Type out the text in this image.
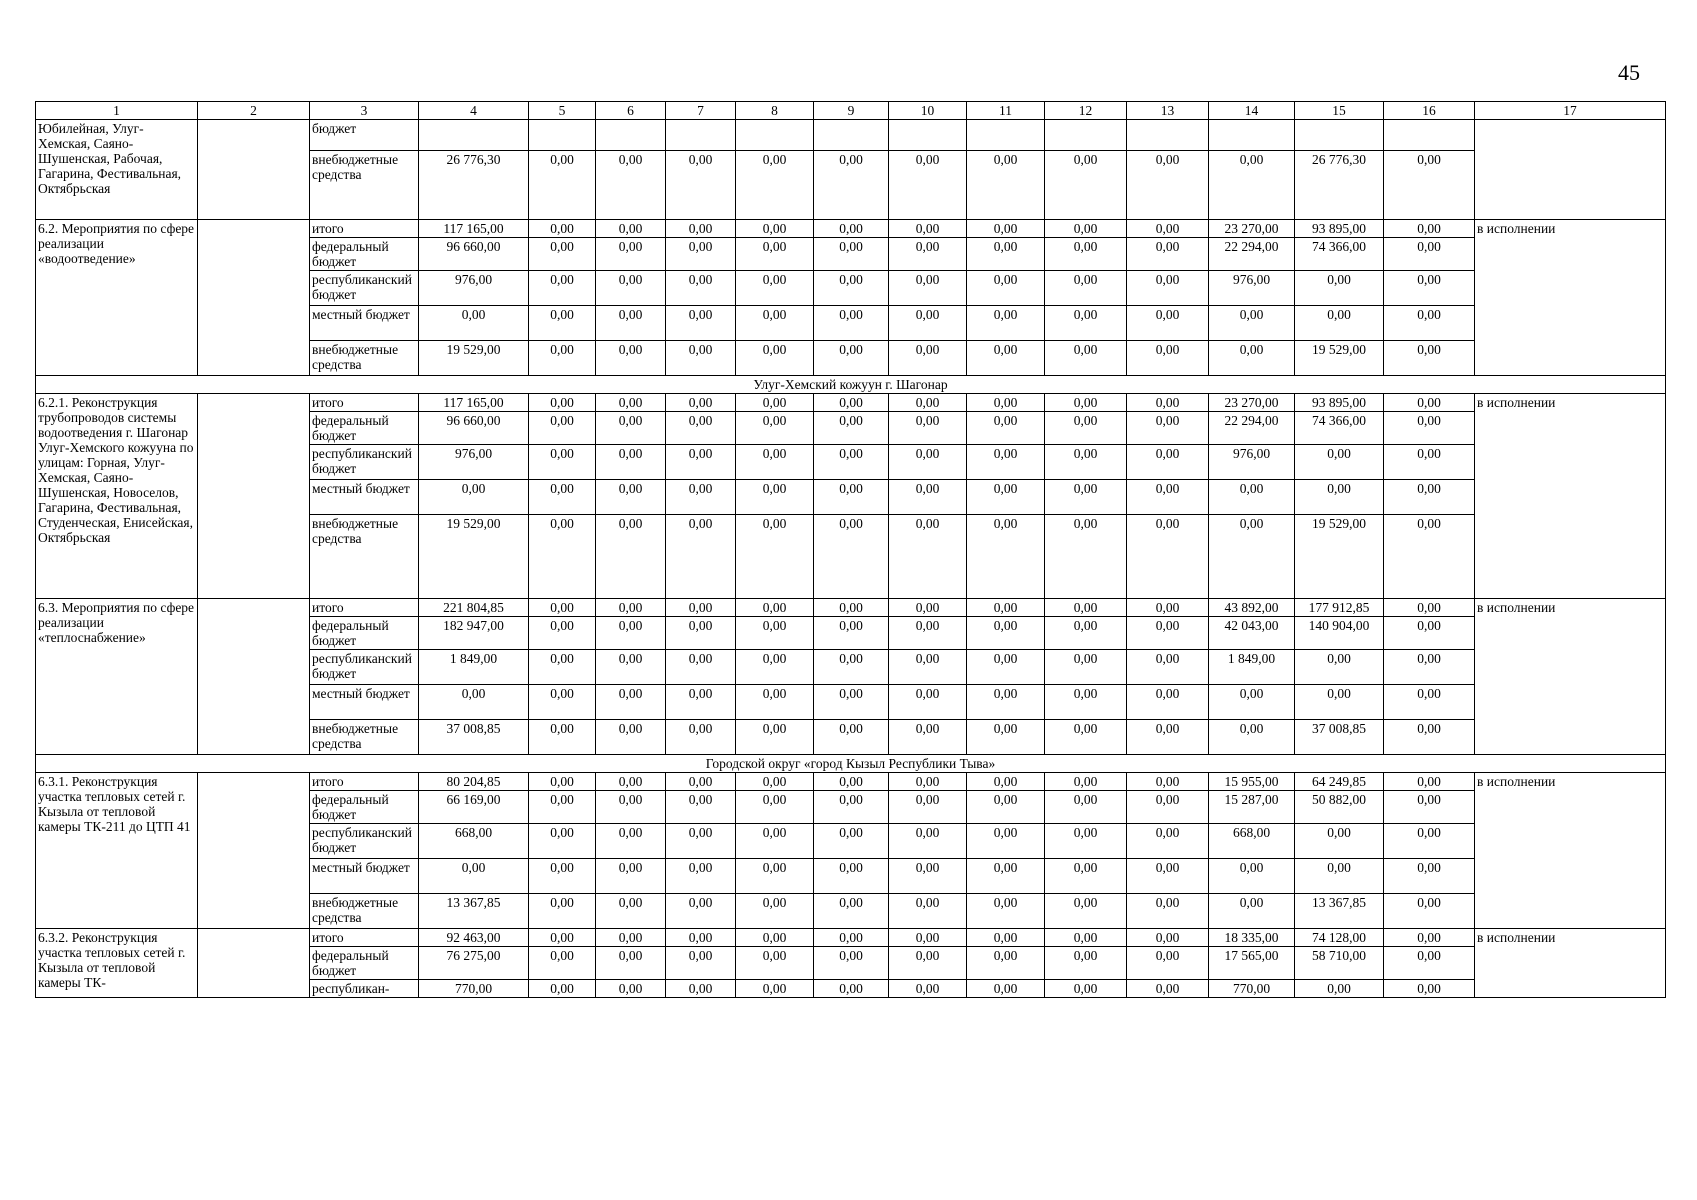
45
1	2	3	4	5	6	7	8	9	10	11	12	13	14	15	16	17
Юбилейная, Улуг-Хемская, Саяно-Шушенская, Рабочая, Гагарина, Фестивальная, Октябрьская		бюджет														
		внебюджетные средства	26 776,30	0,00	0,00	0,00	0,00	0,00	0,00	0,00	0,00	0,00	0,00	26 776,30	0,00	
6.2. Мероприятия по сфере реализации «водоотведение»		итого	117 165,00	0,00	0,00	0,00	0,00	0,00	0,00	0,00	0,00	0,00	23 270,00	93 895,00	0,00	в исполнении
		федеральный бюджет	96 660,00	0,00	0,00	0,00	0,00	0,00	0,00	0,00	0,00	0,00	22 294,00	74 366,00	0,00	
		республиканский бюджет	976,00	0,00	0,00	0,00	0,00	0,00	0,00	0,00	0,00	0,00	976,00	0,00	0,00	
		местный бюджет	0,00	0,00	0,00	0,00	0,00	0,00	0,00	0,00	0,00	0,00	0,00	0,00	0,00	
		внебюджетные средства	19 529,00	0,00	0,00	0,00	0,00	0,00	0,00	0,00	0,00	0,00	0,00	19 529,00	0,00	
Улуг-Хемский кожуун г. Шагонар																
6.2.1. Реконструкция трубопроводов системы водоотведения г. Шагонар Улуг-Хемского кожууна по улицам: Горная, Улуг-Хемская, Саяно-Шушенская, Новоселов, Гагарина, Фестивальная, Студенческая, Енисейская, Октябрьская		итого	117 165,00	0,00	0,00	0,00	0,00	0,00	0,00	0,00	0,00	0,00	23 270,00	93 895,00	0,00	в исполнении
		федеральный бюджет	96 660,00	0,00	0,00	0,00	0,00	0,00	0,00	0,00	0,00	0,00	22 294,00	74 366,00	0,00	
		республиканский бюджет	976,00	0,00	0,00	0,00	0,00	0,00	0,00	0,00	0,00	0,00	976,00	0,00	0,00	
		местный бюджет	0,00	0,00	0,00	0,00	0,00	0,00	0,00	0,00	0,00	0,00	0,00	0,00	0,00	
		внебюджетные средства	19 529,00	0,00	0,00	0,00	0,00	0,00	0,00	0,00	0,00	0,00	0,00	19 529,00	0,00	
6.3. Мероприятия по сфере реализации «теплоснабжение»		итого	221 804,85	0,00	0,00	0,00	0,00	0,00	0,00	0,00	0,00	0,00	43 892,00	177 912,85	0,00	в исполнении
		федеральный бюджет	182 947,00	0,00	0,00	0,00	0,00	0,00	0,00	0,00	0,00	0,00	42 043,00	140 904,00	0,00	
		республиканский бюджет	1 849,00	0,00	0,00	0,00	0,00	0,00	0,00	0,00	0,00	0,00	1 849,00	0,00	0,00	
		местный бюджет	0,00	0,00	0,00	0,00	0,00	0,00	0,00	0,00	0,00	0,00	0,00	0,00	0,00	
		внебюджетные средства	37 008,85	0,00	0,00	0,00	0,00	0,00	0,00	0,00	0,00	0,00	0,00	37 008,85	0,00	
Городской округ «город Кызыл Республики Тыва»																
6.3.1. Реконструкция участка тепловых сетей г. Кызыла от тепловой камеры ТК-211 до ЦТП 41		итого	80 204,85	0,00	0,00	0,00	0,00	0,00	0,00	0,00	0,00	0,00	15 955,00	64 249,85	0,00	в исполнении
		федеральный бюджет	66 169,00	0,00	0,00	0,00	0,00	0,00	0,00	0,00	0,00	0,00	15 287,00	50 882,00	0,00	
		республиканский бюджет	668,00	0,00	0,00	0,00	0,00	0,00	0,00	0,00	0,00	0,00	668,00	0,00	0,00	
		местный бюджет	0,00	0,00	0,00	0,00	0,00	0,00	0,00	0,00	0,00	0,00	0,00	0,00	0,00	
		внебюджетные средства	13 367,85	0,00	0,00	0,00	0,00	0,00	0,00	0,00	0,00	0,00	0,00	13 367,85	0,00	
6.3.2. Реконструкция участка тепловых сетей г. Кызыла от тепловой камеры ТК-		итого	92 463,00	0,00	0,00	0,00	0,00	0,00	0,00	0,00	0,00	0,00	18 335,00	74 128,00	0,00	в исполнении
		федеральный бюджет	76 275,00	0,00	0,00	0,00	0,00	0,00	0,00	0,00	0,00	0,00	17 565,00	58 710,00	0,00	
		республикан-	770,00	0,00	0,00	0,00	0,00	0,00	0,00	0,00	0,00	0,00	770,00	0,00	0,00	
